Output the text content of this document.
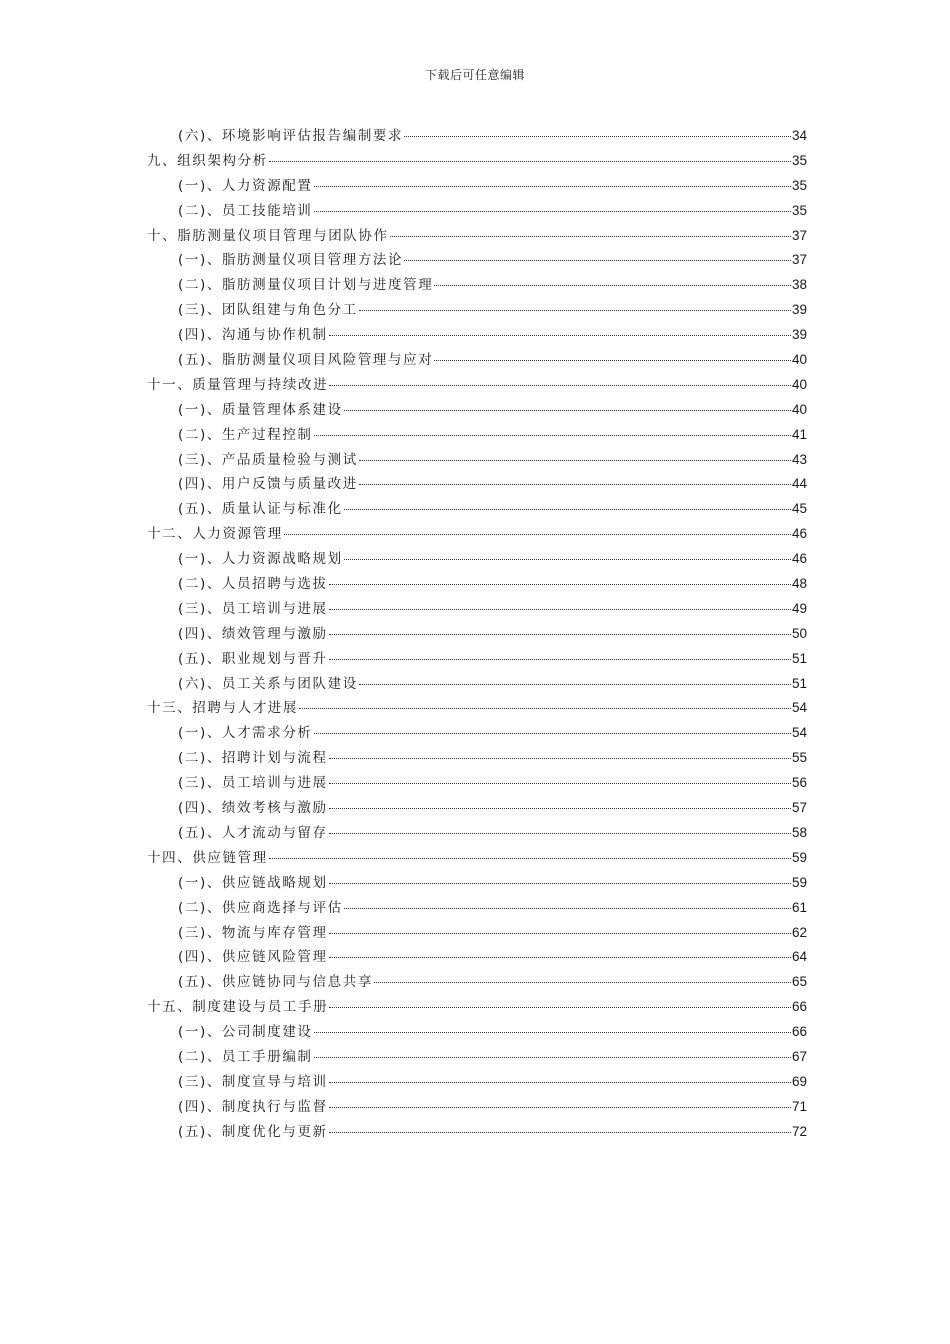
下载后可任意编辑
(六)、环境影响评估报告编制要求	34
九、组织架构分析	35
(一)、人力资源配置	35
(二)、员工技能培训	35
十、脂肪测量仪项目管理与团队协作	37
(一)、脂肪测量仪项目管理方法论	37
(二)、脂肪测量仪项目计划与进度管理	38
(三)、团队组建与角色分工	39
(四)、沟通与协作机制	39
(五)、脂肪测量仪项目风险管理与应对	40
十一、质量管理与持续改进	40
(一)、质量管理体系建设	40
(二)、生产过程控制	41
(三)、产品质量检验与测试	43
(四)、用户反馈与质量改进	44
(五)、质量认证与标准化	45
十二、人力资源管理	46
(一)、人力资源战略规划	46
(二)、人员招聘与选拔	48
(三)、员工培训与进展	49
(四)、绩效管理与激励	50
(五)、职业规划与晋升	51
(六)、员工关系与团队建设	51
十三、招聘与人才进展	54
(一)、人才需求分析	54
(二)、招聘计划与流程	55
(三)、员工培训与进展	56
(四)、绩效考核与激励	57
(五)、人才流动与留存	58
十四、供应链管理	59
(一)、供应链战略规划	59
(二)、供应商选择与评估	61
(三)、物流与库存管理	62
(四)、供应链风险管理	64
(五)、供应链协同与信息共享	65
十五、制度建设与员工手册	66
(一)、公司制度建设	66
(二)、员工手册编制	67
(三)、制度宣导与培训	69
(四)、制度执行与监督	71
(五)、制度优化与更新	72
